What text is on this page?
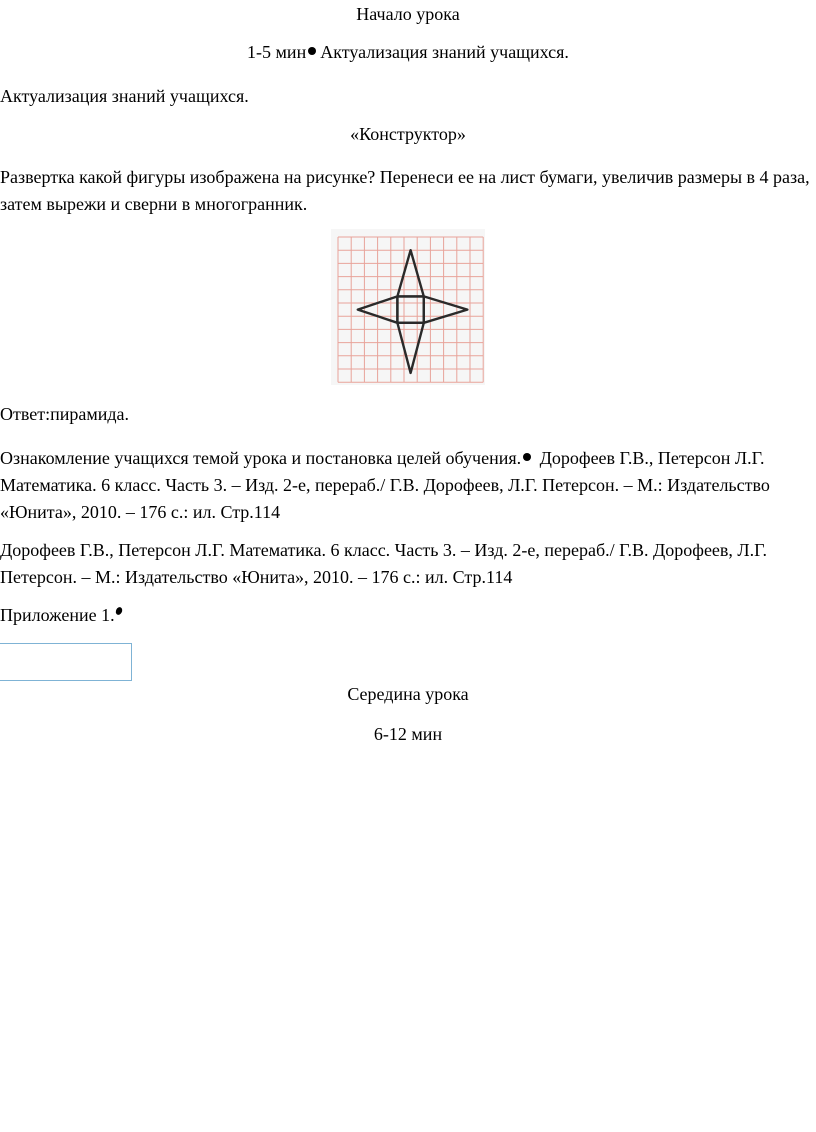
Начало урока
1-5 мин Актуализация знаний учащихся.
Актуализация знаний учащихся.
«Конструктор»
Развертка какой фигуры изображена на рисунке? Перенеси ее на лист бумаги, увеличив размеры в 4 раза, затем вырежи и сверни в многогранник.
Ответ:пирамида.
Ознакомление учащихся темой урока и постановка целей обучения. Дорофеев Г.В., Петерсон Л.Г. Математика. 6 класс. Часть 3. – Изд. 2-е, перераб./ Г.В. Дорофеев, Л.Г. Петерсон. – М.: Издательство «Юнита», 2010. – 176 с.: ил. Стр.114
Дорофеев Г.В., Петерсон Л.Г. Математика. 6 класс. Часть 3. – Изд. 2-е, перераб./ Г.В. Дорофеев, Л.Г. Петерсон. – М.: Издательство «Юнита», 2010. – 176 с.: ил. Стр.114
Приложение 1.
Середина урока
6-12 мин
